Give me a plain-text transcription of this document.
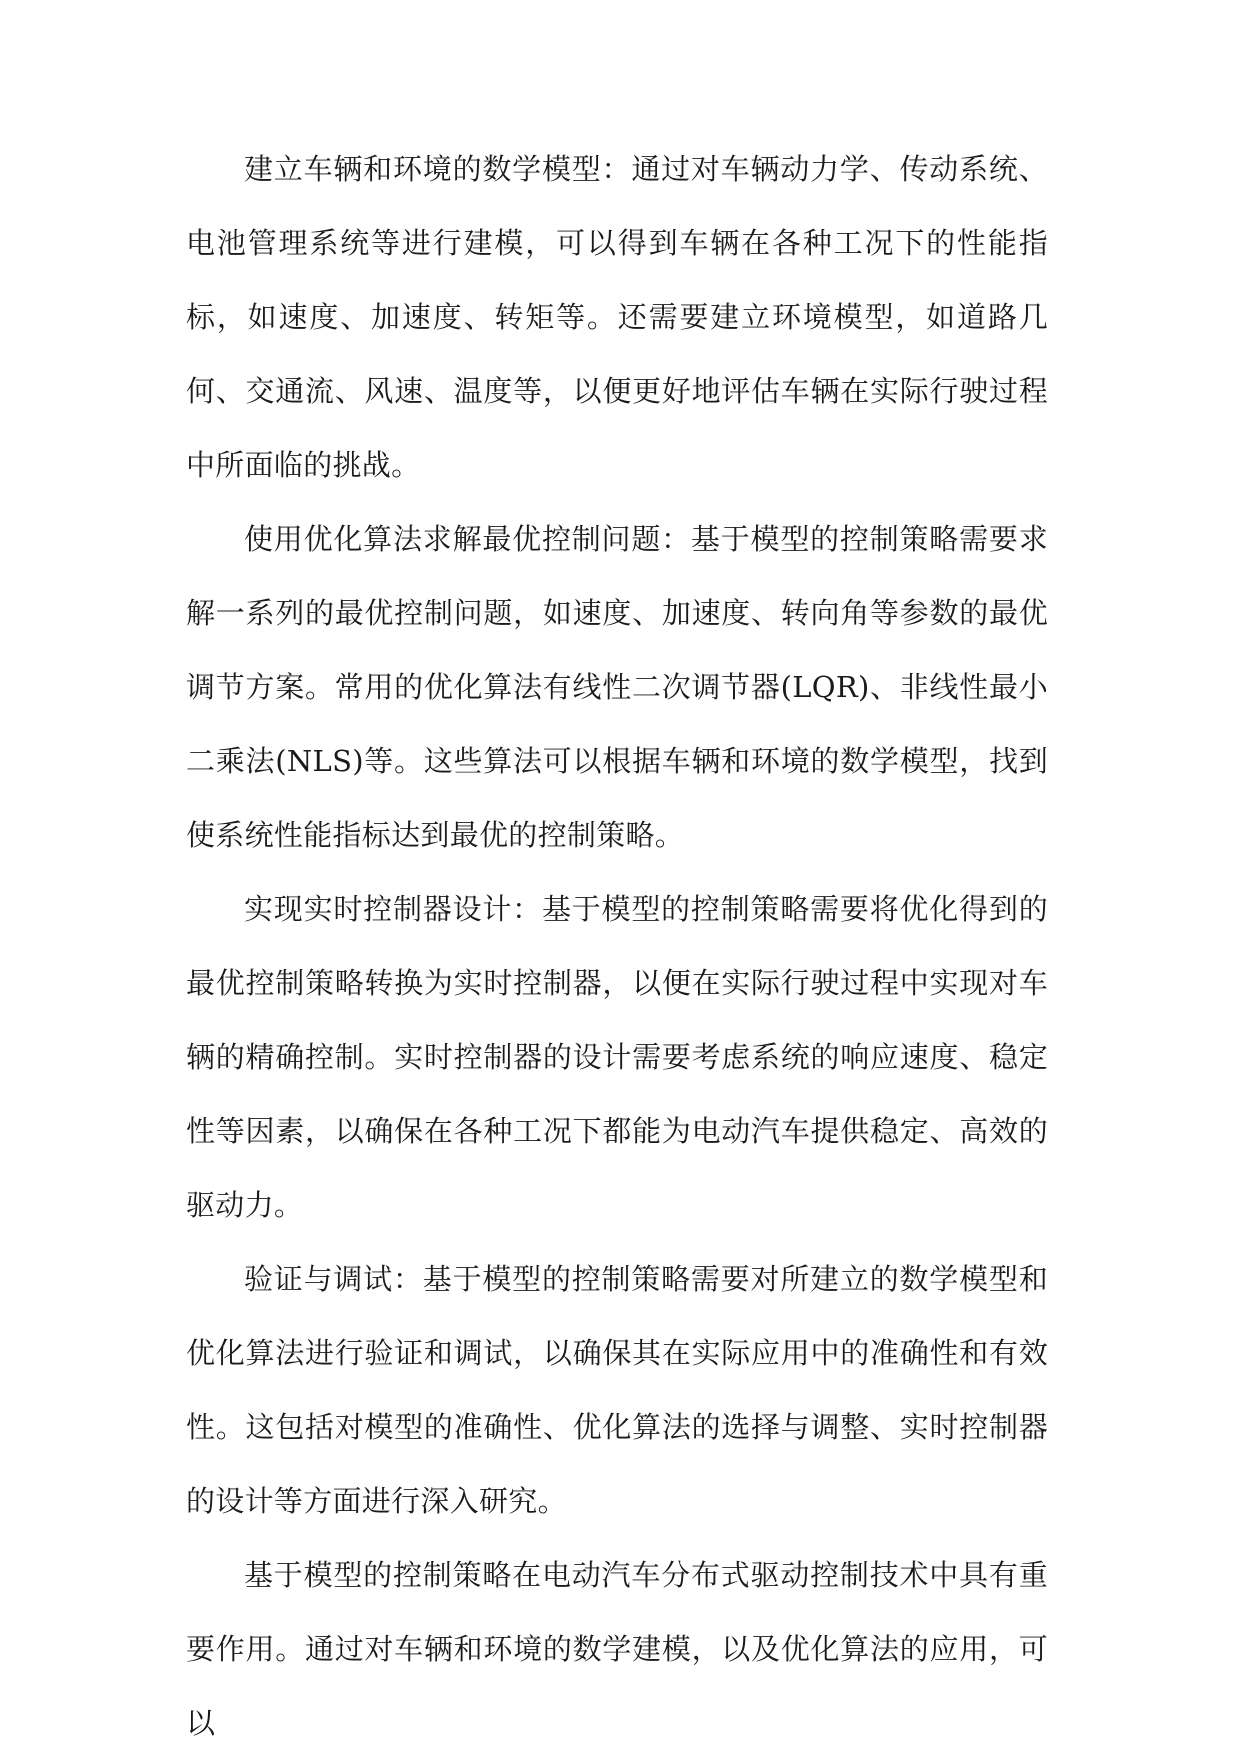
建立车辆和环境的数学模型：通过对车辆动力学、传动系统、电池管理系统等进行建模，可以得到车辆在各种工况下的性能指标，如速度、加速度、转矩等。还需要建立环境模型，如道路几何、交通流、风速、温度等，以便更好地评估车辆在实际行驶过程中所面临的挑战。

使用优化算法求解最优控制问题：基于模型的控制策略需要求解一系列的最优控制问题，如速度、加速度、转向角等参数的最优调节方案。常用的优化算法有线性二次调节器(LQR)、非线性最小二乘法(NLS)等。这些算法可以根据车辆和环境的数学模型，找到使系统性能指标达到最优的控制策略。

实现实时控制器设计：基于模型的控制策略需要将优化得到的最优控制策略转换为实时控制器，以便在实际行驶过程中实现对车辆的精确控制。实时控制器的设计需要考虑系统的响应速度、稳定性等因素，以确保在各种工况下都能为电动汽车提供稳定、高效的驱动力。

验证与调试：基于模型的控制策略需要对所建立的数学模型和优化算法进行验证和调试，以确保其在实际应用中的准确性和有效性。这包括对模型的准确性、优化算法的选择与调整、实时控制器的设计等方面进行深入研究。

基于模型的控制策略在电动汽车分布式驱动控制技术中具有重要作用。通过对车辆和环境的数学建模，以及优化算法的应用，可以
